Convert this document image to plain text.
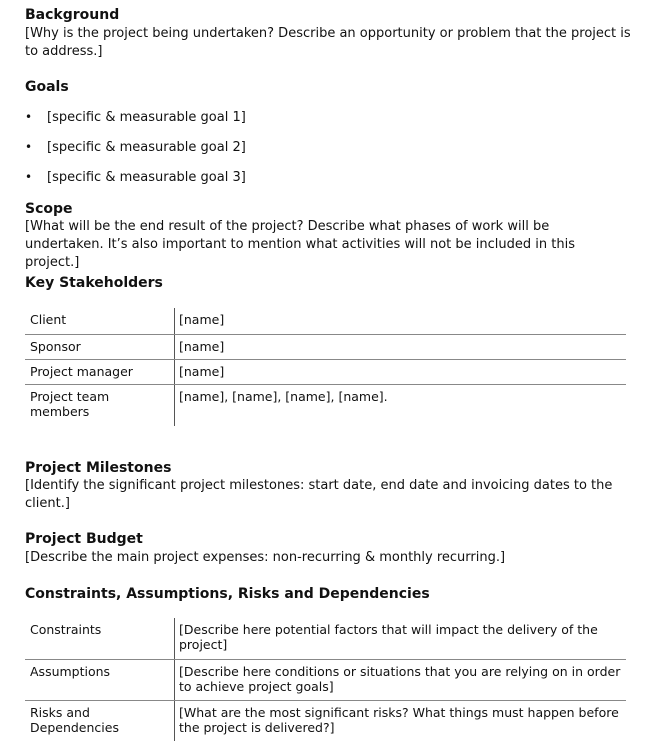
Background
[Why is the project being undertaken? Describe an opportunity or problem that the project is to address.]
Goals
• [specific & measurable goal 1]
• [specific & measurable goal 2]
• [specific & measurable goal 3]
Scope
[What will be the end result of the project? Describe what phases of work will be undertaken. It’s also important to mention what activities will not be included in this project.]
Key Stakeholders
Client	[name]
Sponsor	[name]
Project manager	[name]
Project team members	[name], [name], [name], [name].
Project Milestones
[Identify the significant project milestones: start date, end date and invoicing dates to the client.]
Project Budget
[Describe the main project expenses: non-recurring & monthly recurring.]
Constraints, Assumptions, Risks and Dependencies
Constraints	[Describe here potential factors that will impact the delivery of the project]
Assumptions	[Describe here conditions or situations that you are relying on in order to achieve project goals]
Risks and Dependencies	[What are the most significant risks? What things must happen before the project is delivered?]
